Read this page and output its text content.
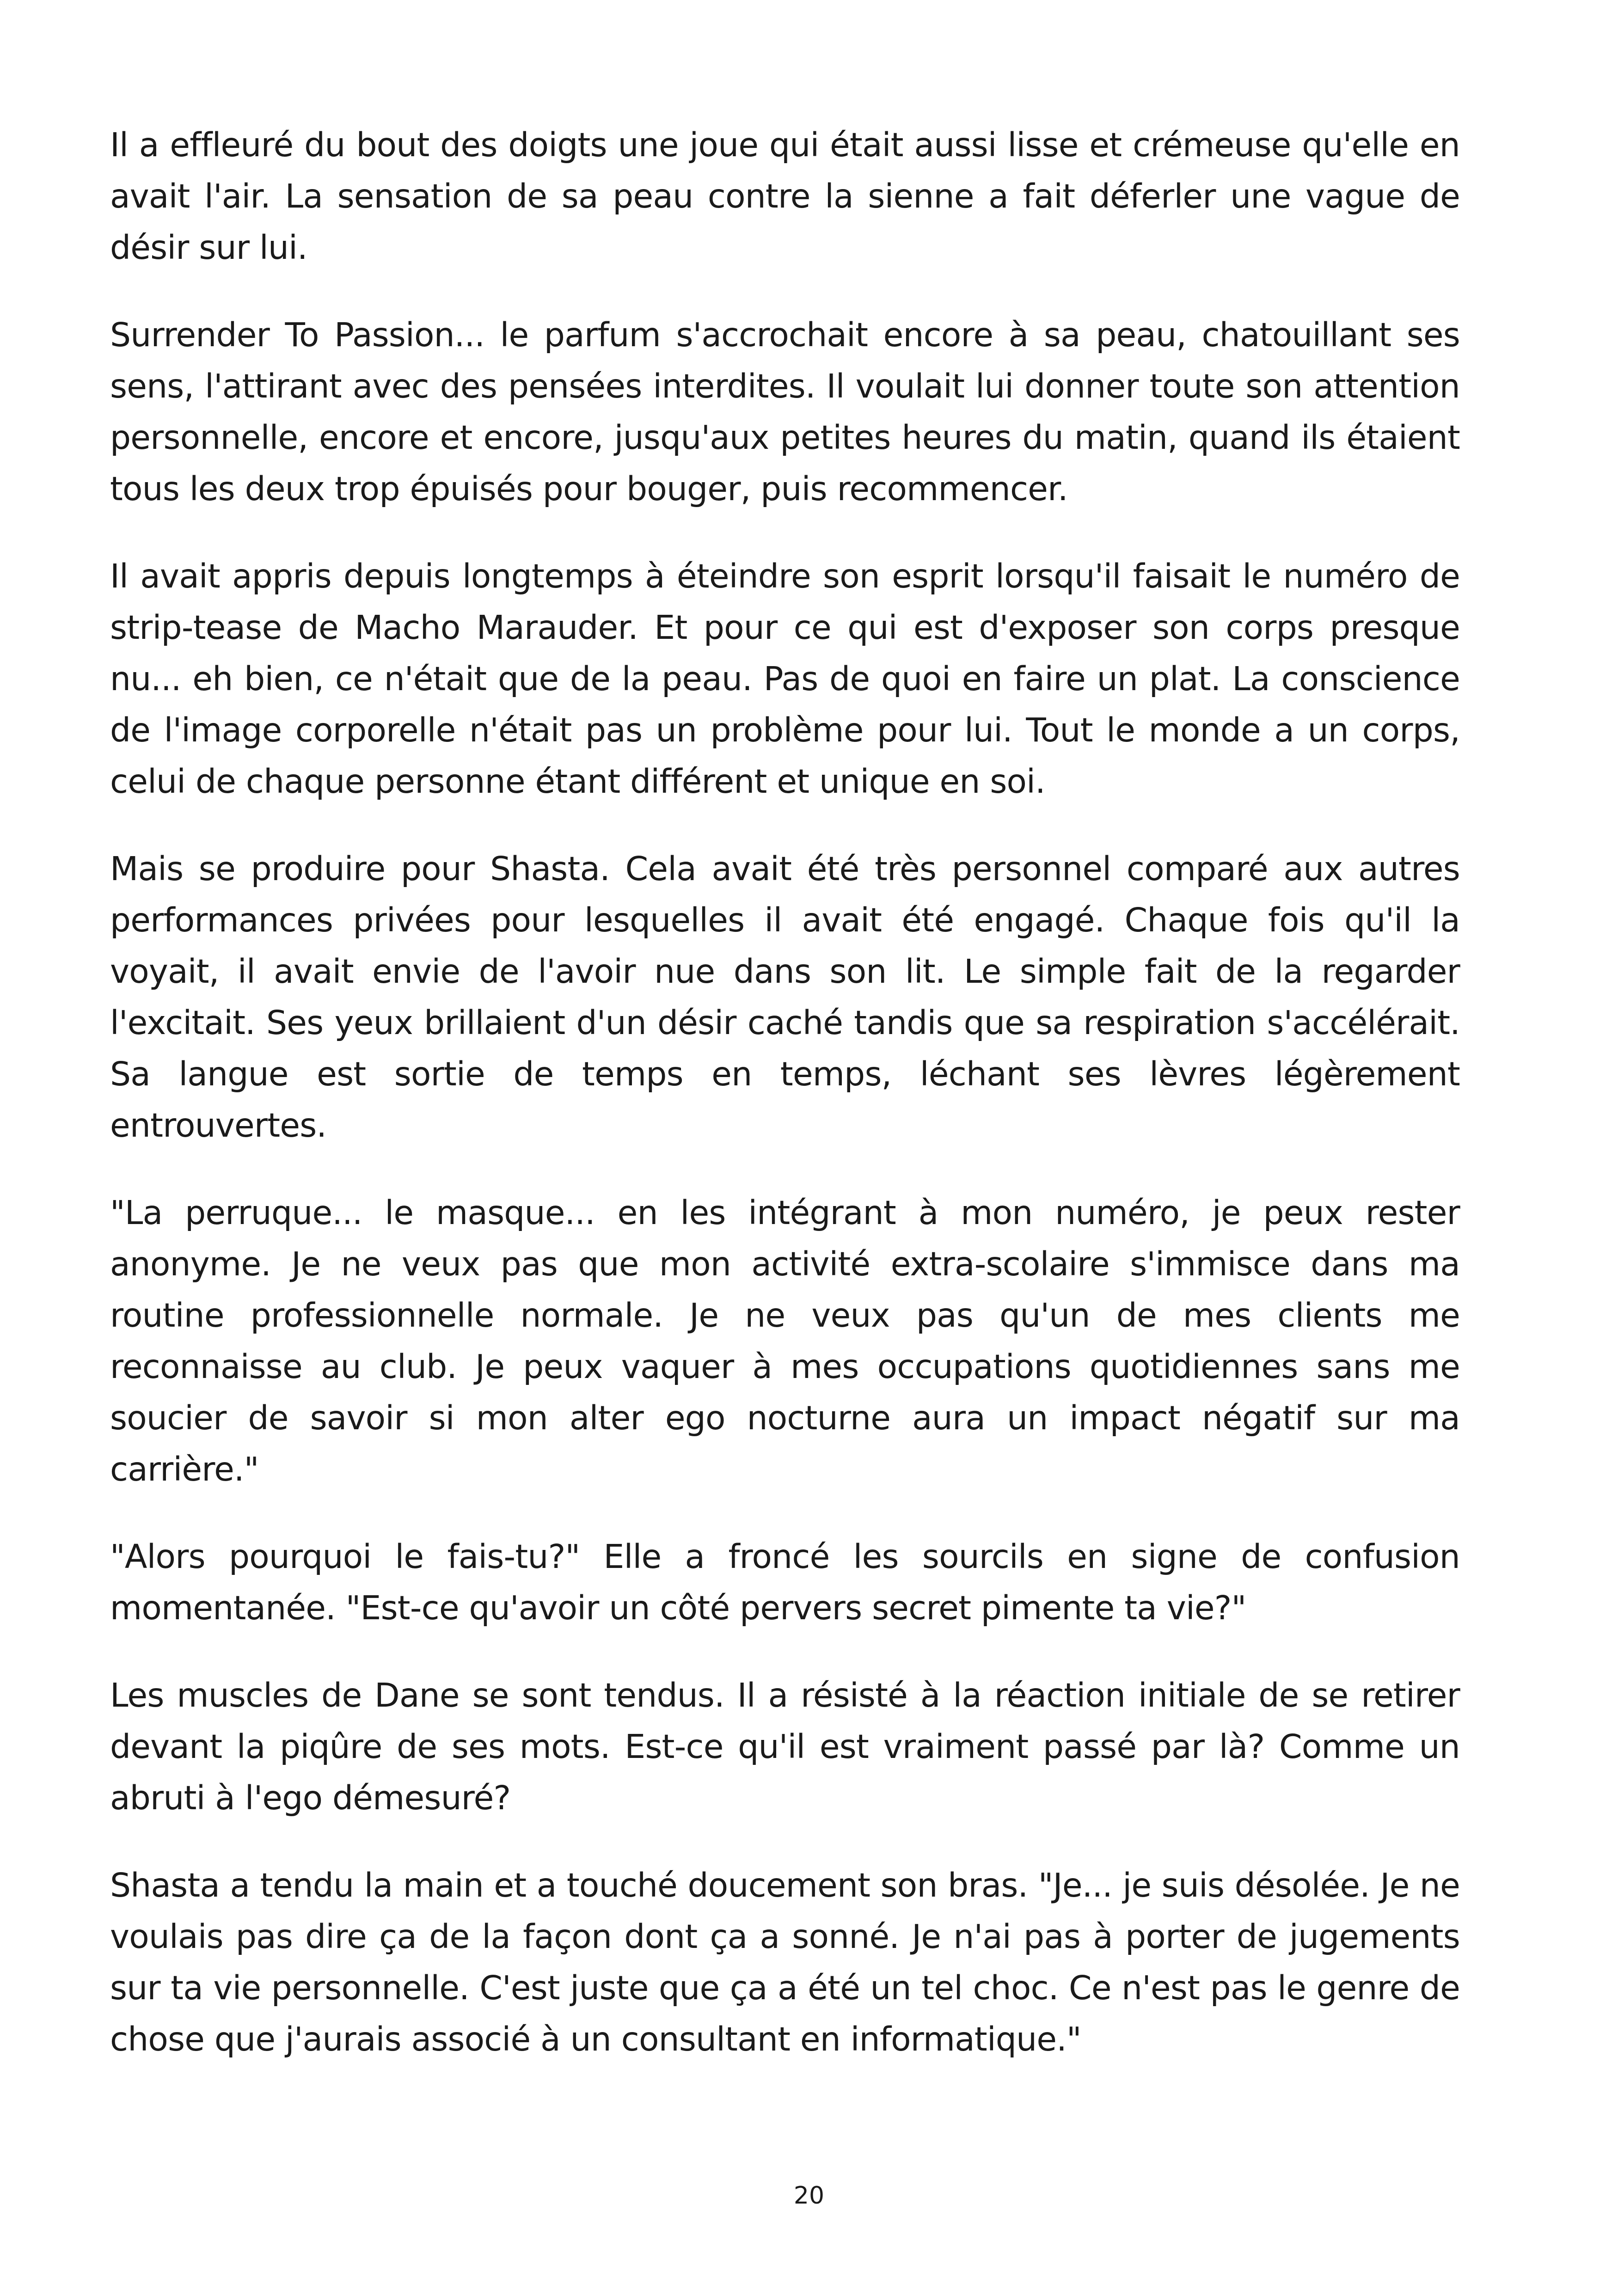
Il a effleuré du bout des doigts une joue qui était aussi lisse et crémeuse qu'elle en avait l'air. La sensation de sa peau contre la sienne a fait déferler une vague de désir sur lui.

Surrender To Passion... le parfum s'accrochait encore à sa peau, chatouillant ses sens, l'attirant avec des pensées interdites. Il voulait lui donner toute son attention personnelle, encore et encore, jusqu'aux petites heures du matin, quand ils étaient tous les deux trop épuisés pour bouger, puis recommencer.

Il avait appris depuis longtemps à éteindre son esprit lorsqu'il faisait le numéro de strip-tease de Macho Marauder. Et pour ce qui est d'exposer son corps presque nu... eh bien, ce n'était que de la peau. Pas de quoi en faire un plat. La conscience de l'image corporelle n'était pas un problème pour lui. Tout le monde a un corps, celui de chaque personne étant différent et unique en soi.

Mais se produire pour Shasta. Cela avait été très personnel comparé aux autres performances privées pour lesquelles il avait été engagé. Chaque fois qu'il la voyait, il avait envie de l'avoir nue dans son lit. Le simple fait de la regarder l'excitait. Ses yeux brillaient d'un désir caché tandis que sa respiration s'accélérait. Sa langue est sortie de temps en temps, léchant ses lèvres légèrement entrouvertes.

"La perruque... le masque... en les intégrant à mon numéro, je peux rester anonyme. Je ne veux pas que mon activité extra-scolaire s'immisce dans ma routine professionnelle normale. Je ne veux pas qu'un de mes clients me reconnaisse au club. Je peux vaquer à mes occupations quotidiennes sans me soucier de savoir si mon alter ego nocturne aura un impact négatif sur ma carrière."

"Alors pourquoi le fais-tu?" Elle a froncé les sourcils en signe de confusion momentanée. "Est-ce qu'avoir un côté pervers secret pimente ta vie?"

Les muscles de Dane se sont tendus. Il a résisté à la réaction initiale de se retirer devant la piqûre de ses mots. Est-ce qu'il est vraiment passé par là? Comme un abruti à l'ego démesuré?

Shasta a tendu la main et a touché doucement son bras. "Je... je suis désolée. Je ne voulais pas dire ça de la façon dont ça a sonné. Je n'ai pas à porter de jugements sur ta vie personnelle. C'est juste que ça a été un tel choc. Ce n'est pas le genre de chose que j'aurais associé à un consultant en informatique."

20
